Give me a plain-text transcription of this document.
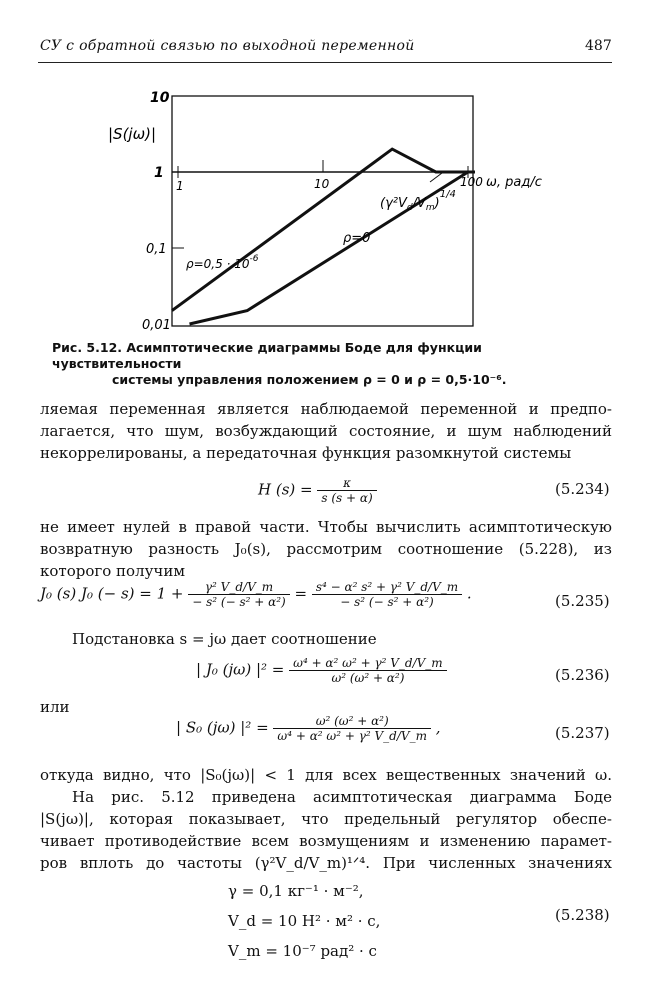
СУ с обратной связью по выходной переменной	487
10
1
0,1
0,01
1	10	100
|S(jω)|
ω, рад/с
$\rho=0,5 \cdot 10^{-6}$
ρ=0
$(\gamma^2V_d/V_m)^{1/4}$
Рис. 5.12. Асимптотические диаграммы Боде для функции чувствительности
системы управления положением ρ = 0 и ρ = 0,5·10⁻⁶.
ляемая переменная является наблюдаемой переменной и предпо-
лагается, что шум, возбуждающий состояние, и шум наблюдений
некоррелированы, а передаточная функция разомкнутой системы
H $(s) = \frac{\kappa}{s (s + \alpha)}$	(5.234)
не имеет нулей в правой части. Чтобы вычислить асимптотическую
возвратную разность J₀(s), рассмотрим соотношение (5.228), из
которого получим
J₀ (s) J₀ (− $s) = 1 + \frac{\text{γ² V\_d/V\_m}}{\text{− s² (− s² + α²)}} = \frac{\text{s⁴ − α² s² + γ² V\_d/V\_m}}{\text{− s² (− s² + α²)}}$ .	(5.235)
Подстановка s = jω дает соотношение
| J₀ (jω) $|^2 = \frac{\text{ω⁴ + α² ω² + γ² V\_d/V\_m}}{\text{ω² (ω² + α²)}}$	(5.236)
или
| S₀ (jω) $|^2 = \frac{\text{ω² (ω² + α²)}}{\text{ω⁴ + α² ω² + γ² V\_d/V\_m}}$ ,	(5.237)
откуда видно, что |S₀(jω)| < 1 для всех вещественных значений ω.
На рис. 5.12 приведена асимптотическая диаграмма Боде
|S(jω)|, которая показывает, что предельный регулятор обеспе-
чивает противодействие всем возмущениям и изменению парамет-
ров вплоть до частоты (γ²V_d/V_m)¹ᐟ⁴. При численных значениях
γ = 0,1 кг⁻¹ · м⁻²,
V_d = 10 Н² · м² · с,
V_m = 10⁻⁷ рад² · с
(5.238)
